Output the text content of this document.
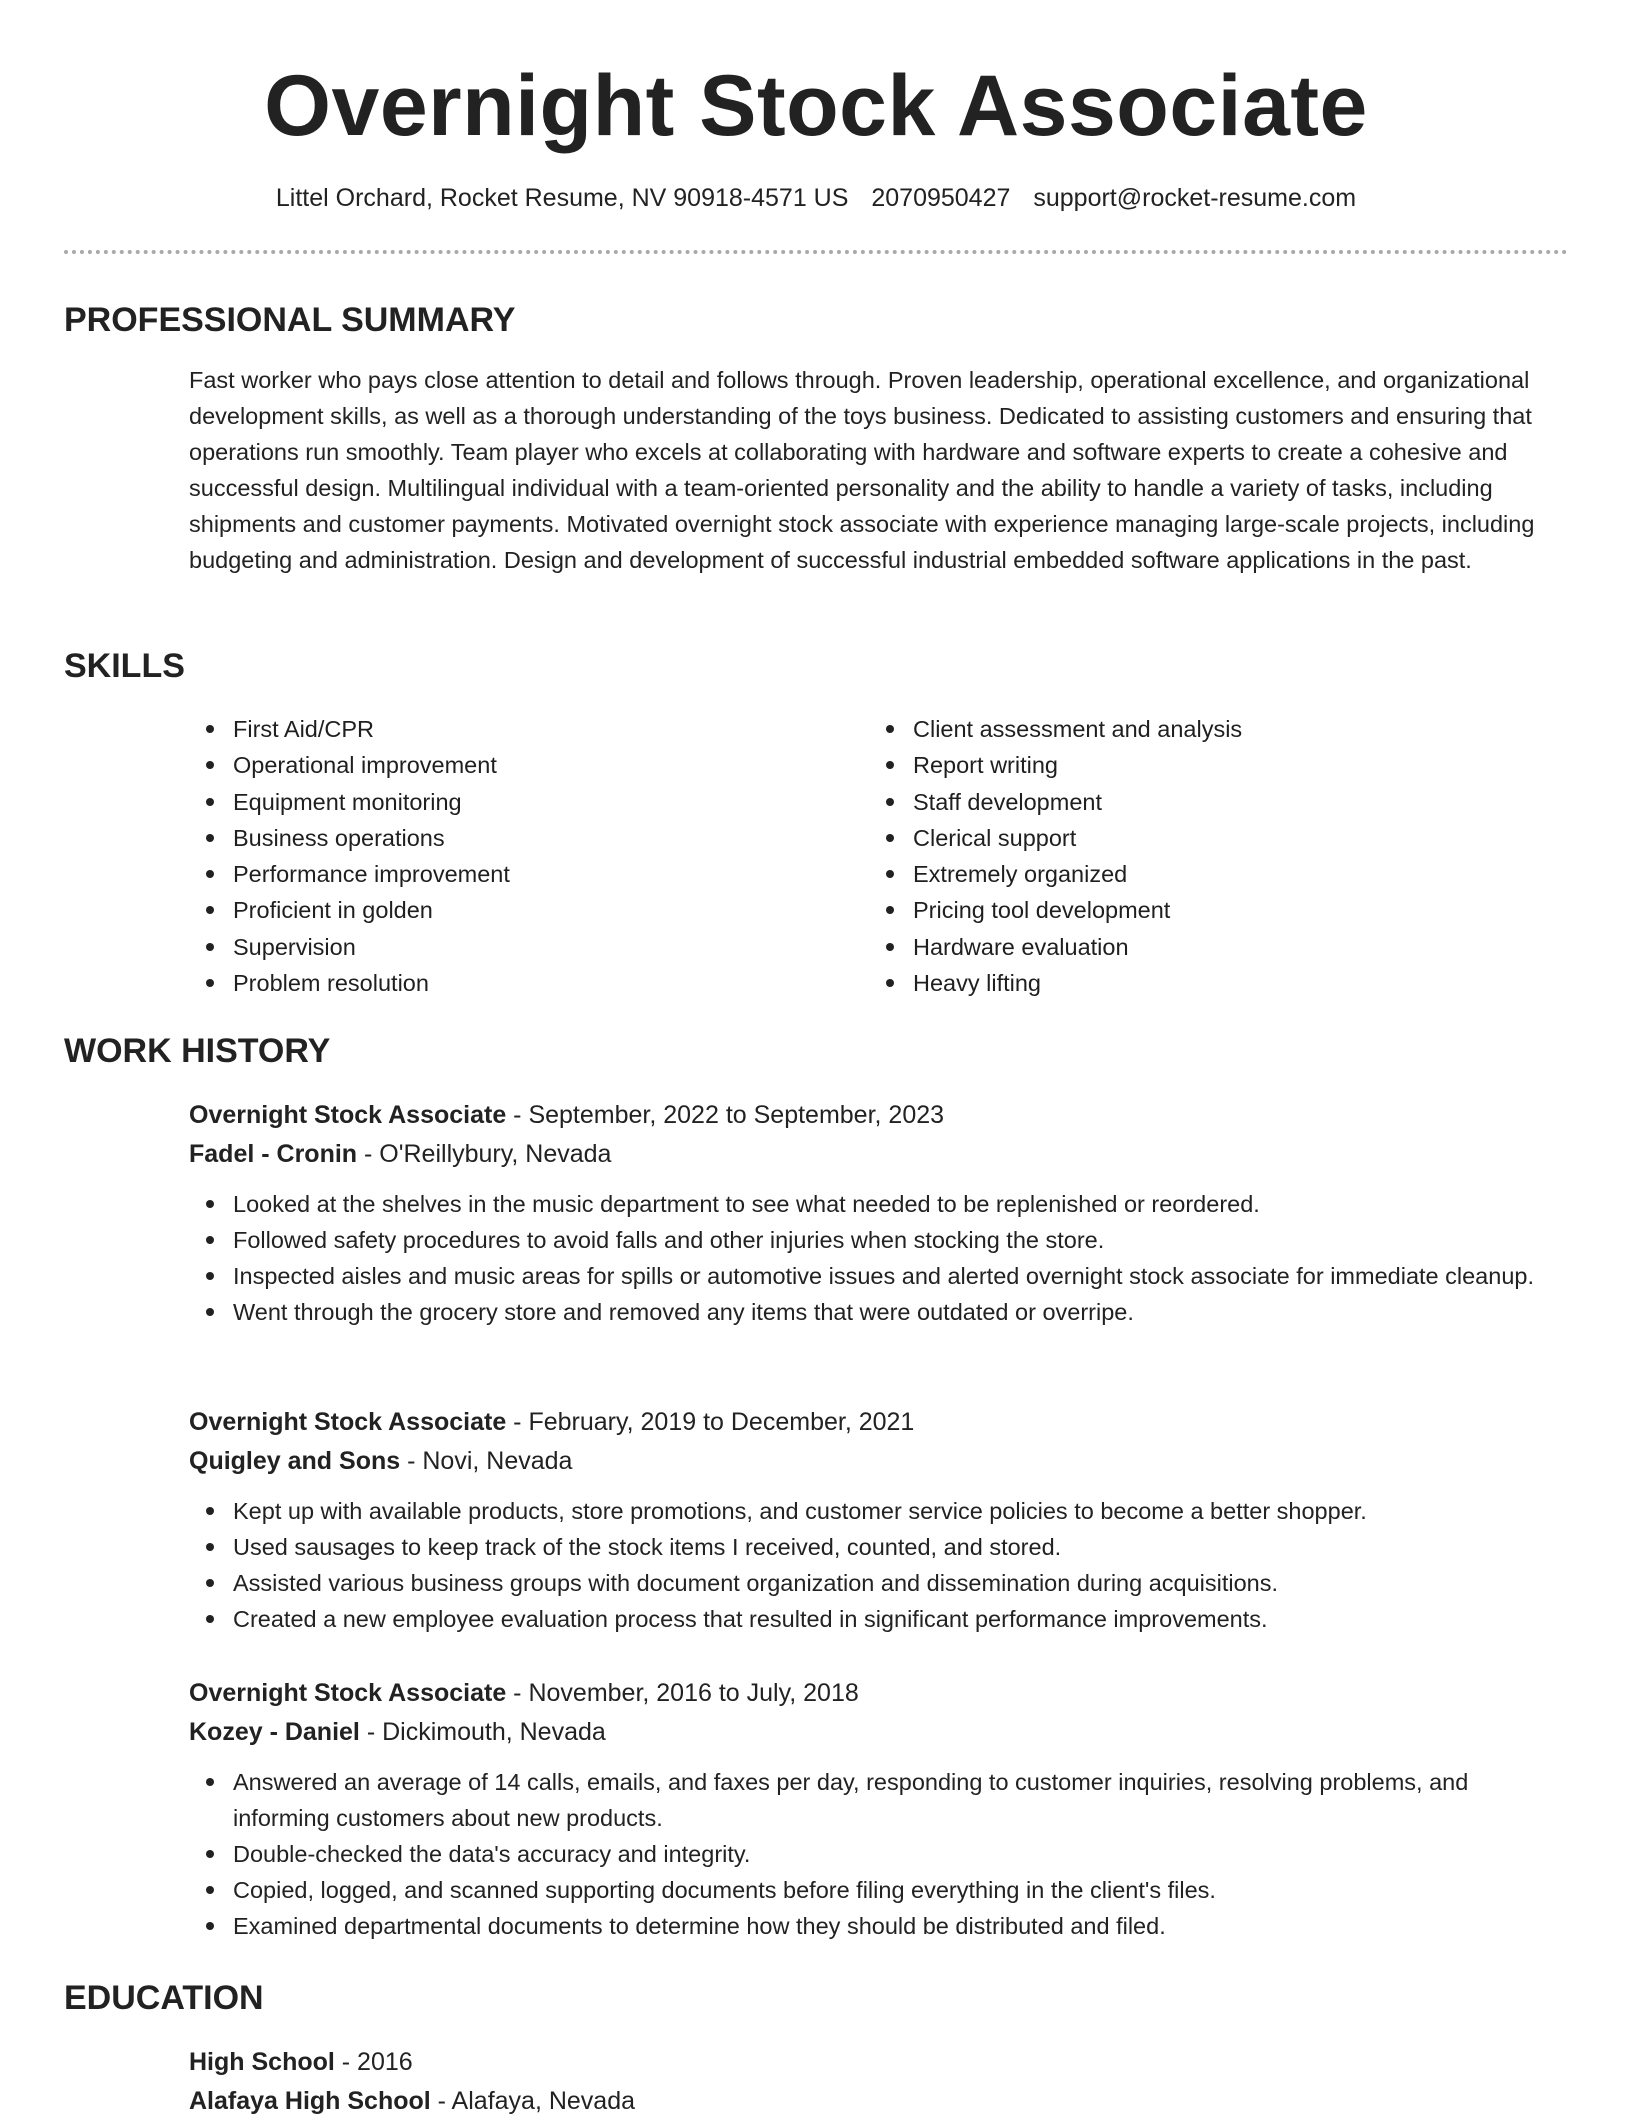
Overnight Stock Associate
Littel Orchard, Rocket Resume, NV 90918-4571 US 2070950427 support@rocket-resume.com
PROFESSIONAL SUMMARY

Fast worker who pays close attention to detail and follows through. Proven leadership, operational excellence, and organizational development skills, as well as a thorough understanding of the toys business. Dedicated to assisting customers and ensuring that operations run smoothly. Team player who excels at collaborating with hardware and software experts to create a cohesive and successful design. Multilingual individual with a team-oriented personality and the ability to handle a variety of tasks, including shipments and customer payments. Motivated overnight stock associate with experience managing large-scale projects, including budgeting and administration. Design and development of successful industrial embedded software applications in the past.

SKILLS
First Aid/CPR
Operational improvement
Equipment monitoring
Business operations
Performance improvement
Proficient in golden
Supervision
Problem resolution
Client assessment and analysis
Report writing
Staff development
Clerical support
Extremely organized
Pricing tool development
Hardware evaluation
Heavy lifting
WORK HISTORY
Overnight Stock Associate - September, 2022 to September, 2023
Fadel - Cronin - O'Reillybury, Nevada
Looked at the shelves in the music department to see what needed to be replenished or reordered.
Followed safety procedures to avoid falls and other injuries when stocking the store.
Inspected aisles and music areas for spills or automotive issues and alerted overnight stock associate for immediate cleanup.
Went through the grocery store and removed any items that were outdated or overripe.
Overnight Stock Associate - February, 2019 to December, 2021
Quigley and Sons - Novi, Nevada
Kept up with available products, store promotions, and customer service policies to become a better shopper.
Used sausages to keep track of the stock items I received, counted, and stored.
Assisted various business groups with document organization and dissemination during acquisitions.
Created a new employee evaluation process that resulted in significant performance improvements.
Overnight Stock Associate - November, 2016 to July, 2018
Kozey - Daniel - Dickimouth, Nevada
Answered an average of 14 calls, emails, and faxes per day, responding to customer inquiries, resolving problems, and informing customers about new products.
Double-checked the data's accuracy and integrity.
Copied, logged, and scanned supporting documents before filing everything in the client's files.
Examined departmental documents to determine how they should be distributed and filed.
EDUCATION
High School - 2016
Alafaya High School - Alafaya, Nevada
